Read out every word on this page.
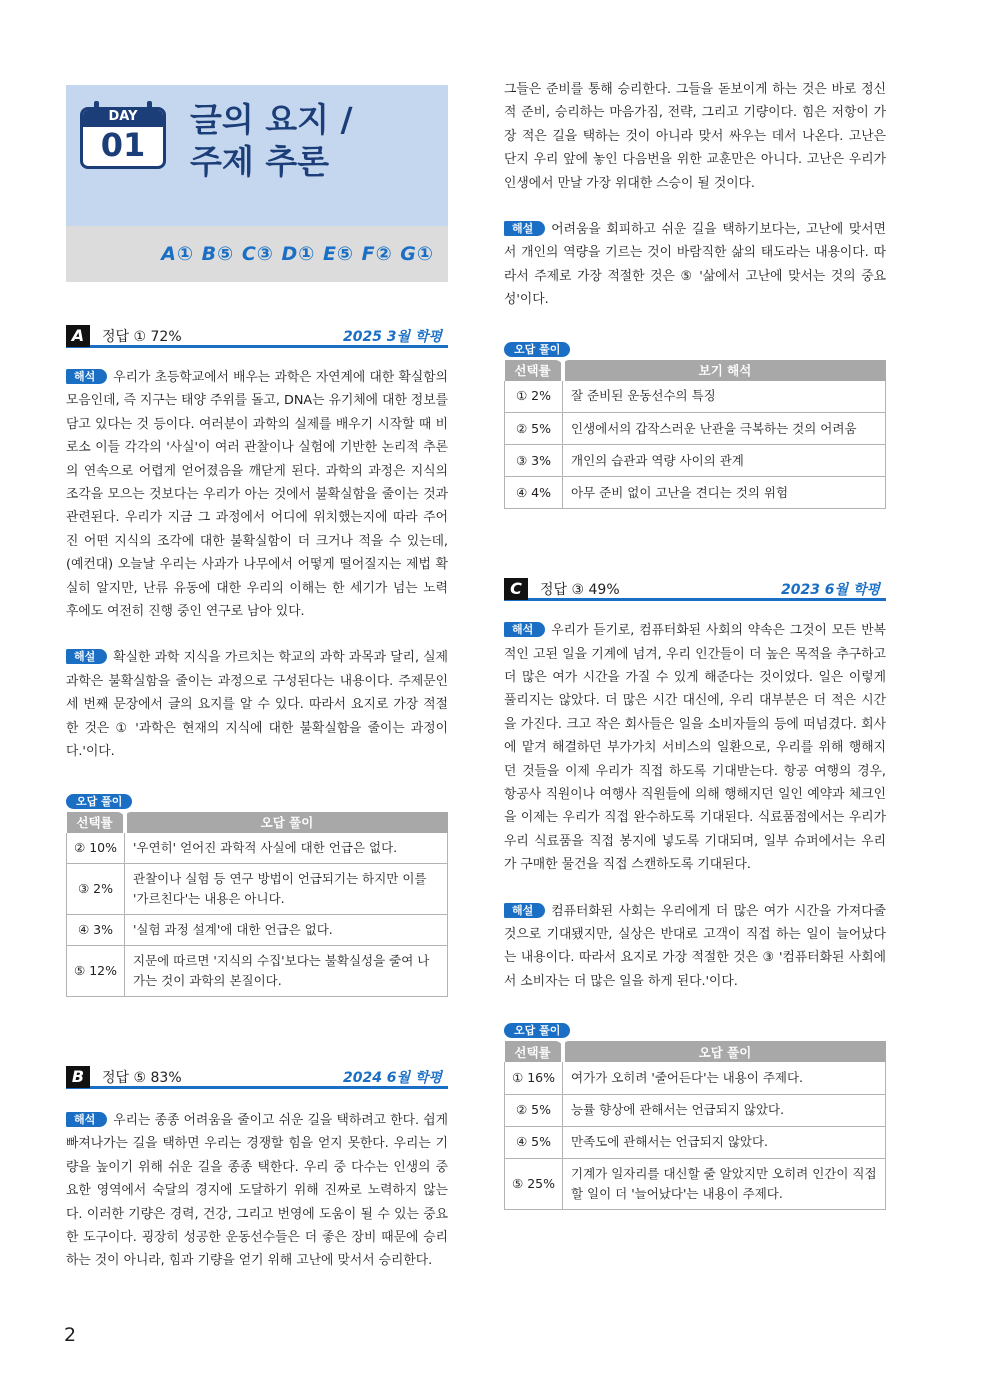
DAY
01
글의 요지 /
주제 추론
A① B⑤ C③ D① E⑤ F② G①
A	정답 ① 72%	2025 3월 학평

해석 우리가 초등학교에서 배우는 과학은 자연계에 대한 확실함의 모음인데, 즉 지구는 태양 주위를 돌고, DNA는 유기체에 대한 정보를 담고 있다는 것 등이다. 여러분이 과학의 실제를 배우기 시작할 때 비로소 이들 각각의 '사실'이 여러 관찰이나 실험에 기반한 논리적 추론의 연속으로 어렵게 얻어졌음을 깨닫게 된다. 과학의 과정은 지식의 조각을 모으는 것보다는 우리가 아는 것에서 불확실함을 줄이는 것과 관련된다. 우리가 지금 그 과정에서 어디에 위치했는지에 따라 주어진 어떤 지식의 조각에 대한 불확실함이 더 크거나 적을 수 있는데, (예컨대) 오늘날 우리는 사과가 나무에서 어떻게 떨어질지는 제법 확실히 알지만, 난류 유동에 대한 우리의 이해는 한 세기가 넘는 노력 후에도 여전히 진행 중인 연구로 남아 있다.

해설 확실한 과학 지식을 가르치는 학교의 과학 과목과 달리, 실제 과학은 불확실함을 줄이는 과정으로 구성된다는 내용이다. 주제문인 세 번째 문장에서 글의 요지를 알 수 있다. 따라서 요지로 가장 적절한 것은 ① '과학은 현재의 지식에 대한 불확실함을 줄이는 과정이다.'이다.

오답 풀이
선택률	오답 풀이
② 10%	'우연히' 얻어진 과학적 사실에 대한 언급은 없다.
③ 2%	관찰이나 실험 등 연구 방법이 언급되기는 하지만 이를 '가르친다'는 내용은 아니다.
④ 3%	'실험 과정 설계'에 대한 언급은 없다.
⑤ 12%	지문에 따르면 '지식의 수집'보다는 불확실성을 줄여 나가는 것이 과학의 본질이다.
B	정답 ⑤ 83%	2024 6월 학평

해석 우리는 종종 어려움을 줄이고 쉬운 길을 택하려고 한다. 쉽게 빠져나가는 길을 택하면 우리는 경쟁할 힘을 얻지 못한다. 우리는 기량을 높이기 위해 쉬운 길을 종종 택한다. 우리 중 다수는 인생의 중요한 영역에서 숙달의 경지에 도달하기 위해 진짜로 노력하지 않는다. 이러한 기량은 경력, 건강, 그리고 번영에 도움이 될 수 있는 중요한 도구이다. 굉장히 성공한 운동선수들은 더 좋은 장비 때문에 승리하는 것이 아니라, 힘과 기량을 얻기 위해 고난에 맞서서 승리한다.

그들은 준비를 통해 승리한다. 그들을 돋보이게 하는 것은 바로 정신적 준비, 승리하는 마음가짐, 전략, 그리고 기량이다. 힘은 저항이 가장 적은 길을 택하는 것이 아니라 맞서 싸우는 데서 나온다. 고난은 단지 우리 앞에 놓인 다음번을 위한 교훈만은 아니다. 고난은 우리가 인생에서 만날 가장 위대한 스승이 될 것이다.

해설 어려움을 회피하고 쉬운 길을 택하기보다는, 고난에 맞서면서 개인의 역량을 기르는 것이 바람직한 삶의 태도라는 내용이다. 따라서 주제로 가장 적절한 것은 ⑤ '삶에서 고난에 맞서는 것의 중요성'이다.

오답 풀이
선택률	보기 해석
① 2%	잘 준비된 운동선수의 특징
② 5%	인생에서의 갑작스러운 난관을 극복하는 것의 어려움
③ 3%	개인의 습관과 역량 사이의 관계
④ 4%	아무 준비 없이 고난을 견디는 것의 위험
C	정답 ③ 49%	2023 6월 학평

해석 우리가 듣기로, 컴퓨터화된 사회의 약속은 그것이 모든 반복적인 고된 일을 기계에 넘겨, 우리 인간들이 더 높은 목적을 추구하고 더 많은 여가 시간을 가질 수 있게 해준다는 것이었다. 일은 이렇게 풀리지는 않았다. 더 많은 시간 대신에, 우리 대부분은 더 적은 시간을 가진다. 크고 작은 회사들은 일을 소비자들의 등에 떠넘겼다. 회사에 맡겨 해결하던 부가가치 서비스의 일환으로, 우리를 위해 행해지던 것들을 이제 우리가 직접 하도록 기대받는다. 항공 여행의 경우, 항공사 직원이나 여행사 직원들에 의해 행해지던 일인 예약과 체크인을 이제는 우리가 직접 완수하도록 기대된다. 식료품점에서는 우리가 우리 식료품을 직접 봉지에 넣도록 기대되며, 일부 슈퍼에서는 우리가 구매한 물건을 직접 스캔하도록 기대된다.

해설 컴퓨터화된 사회는 우리에게 더 많은 여가 시간을 가져다줄 것으로 기대됐지만, 실상은 반대로 고객이 직접 하는 일이 늘어났다는 내용이다. 따라서 요지로 가장 적절한 것은 ③ '컴퓨터화된 사회에서 소비자는 더 많은 일을 하게 된다.'이다.

오답 풀이
선택률	오답 풀이
① 16%	여가가 오히려 '줄어든다'는 내용이 주제다.
② 5%	능률 향상에 관해서는 언급되지 않았다.
④ 5%	만족도에 관해서는 언급되지 않았다.
⑤ 25%	기계가 일자리를 대신할 줄 알았지만 오히려 인간이 직접 할 일이 더 '늘어났다'는 내용이 주제다.
2
